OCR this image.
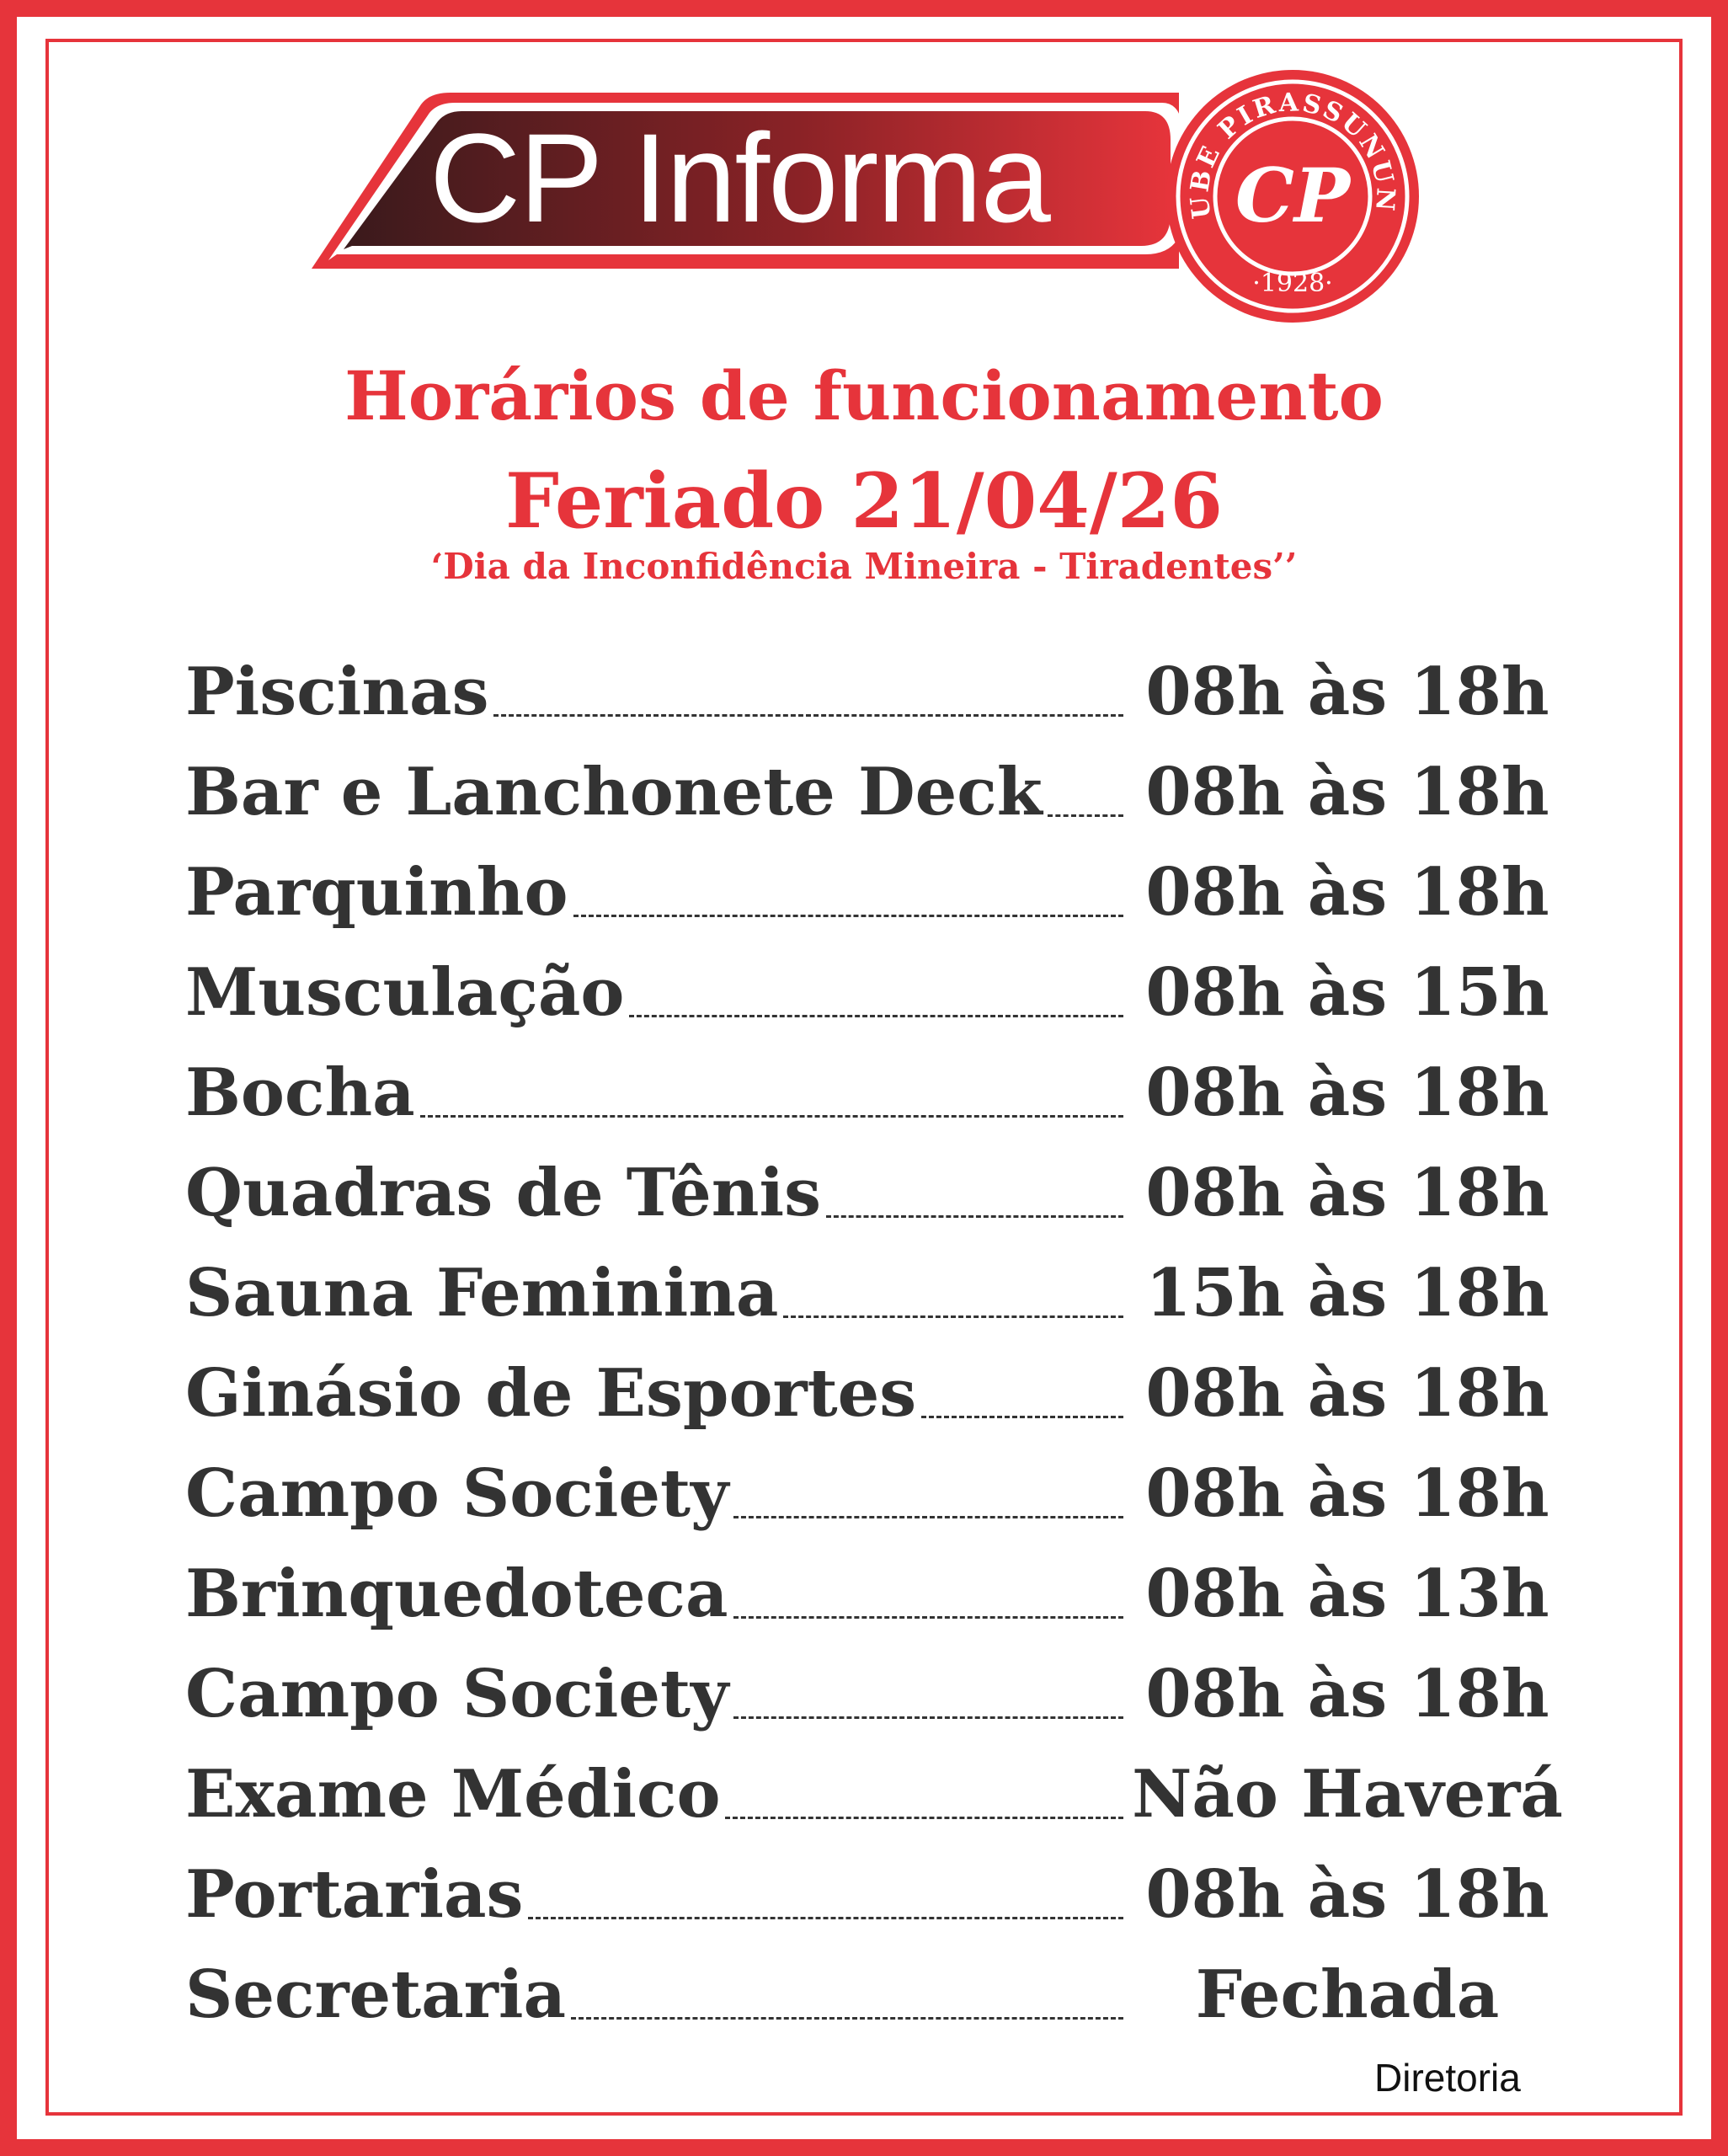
CP Informa	UBE PIRASSUNUN
·1928·
CP
Horários de funcionamento
Feriado 21/04/26
‘Dia da Inconfidência Mineira - Tiradentes’’
Piscinas	08h às 18h
Bar e Lanchonete Deck 08h às 18h
Parquinho	08h às 18h
Musculação	08h às 15h
Bocha	08h às 18h
Quadras de Tênis	08h às 18h
Sauna Feminina	15h às 18h
Ginásio de Esportes	08h às 18h
Campo Society	08h às 18h
Brinquedoteca	08h às 13h
Campo Society	08h às 18h
Exame Médico	Não Haverá
Portarias	08h às 18h
Secretaria	Fechada
Diretoria
